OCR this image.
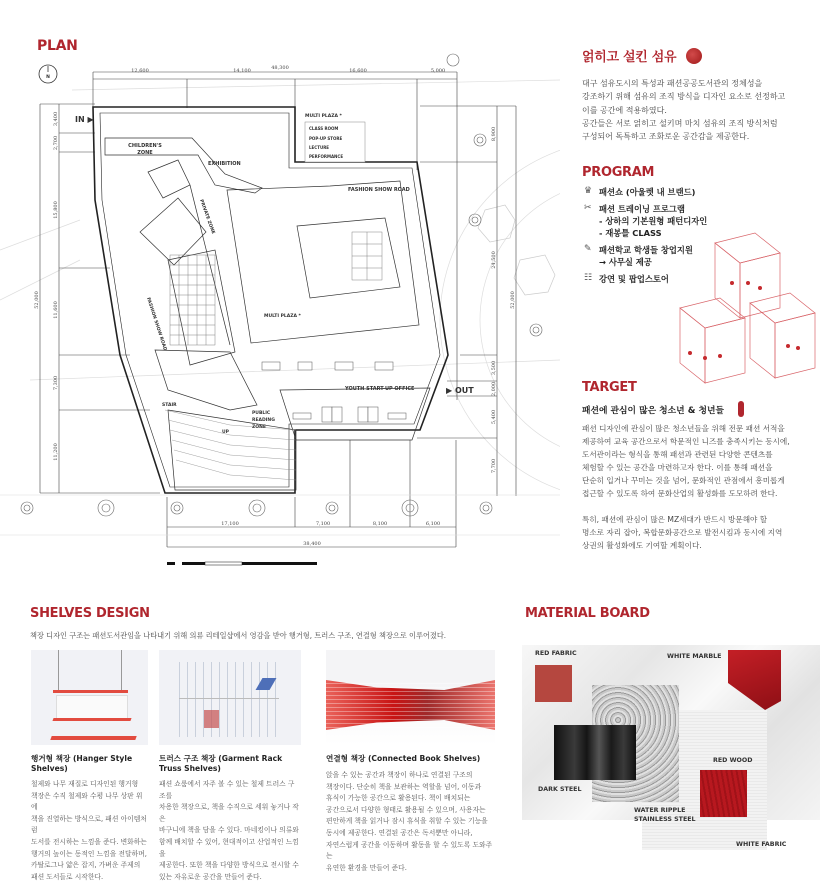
PLAN
N
48,300
12,600	14,100	16,600	5,000
52,000
3,400
2,700
15,800
11,600
7,300
11,200
8,900
24,500
52,000
3,500
2,000
5,400
7,700
17,100	7,100	8,100	6,100
38,400
MULTI PLAZA *
CLASS ROOM
POP-UP STORE
LECTURE
PERFORMANCE
IN ▶
▶ OUT
CHILDREN'S
ZONE
EXHIBITION
PRIVATE ZONE
FASHION SHOW ROAD
FASHION SHOW ROAD	MULTI PLAZA *
YOUTH START-UP OFFICE
STAIR
UP
PUBLIC
READING
ZONE
얽히고 설킨 섬유
대구 섬유도시의 특성과 패션공공도서관의 정체성을
강조하기 위해 섬유의 조직 방식을 디자인 요소로 선정하고
이를 공간에 적용하였다.
공간들은 서로 얽히고 설키며 마치 섬유의 조직 방식처럼
구성되어 독특하고 조화로운 공간감을 제공한다.
PROGRAM
♛ 패션쇼 (아울렛 내 브랜드)
✂ 패션 트레이닝 프로그램
- 상하의 기본원형 패턴디자인
- 재봉틀 CLASS
✎ 패션학교 학생들 창업지원
→ 사무실 제공
☷ 강연 및 팝업스토어
TARGET
패션에 관심이 많은 청소년 & 청년들
패션 디자인에 관심이 많은 청소년들을 위해 전문 패션 서적을
제공하여 교육 공간으로서 학문적인 니즈를 충족시키는 동시에,
도서관이라는 형식을 통해 패션과 관련된 다양한 콘텐츠를
체험할 수 있는 공간을 마련하고자 한다. 이를 통해 패션을
단순히 입거나 꾸미는 것을 넘어, 문화적인 관점에서 흥미롭게
접근할 수 있도록 하여 문화산업의 활성화를 도모하려 한다.
특히, 패션에 관심이 많은 MZ세대가 반드시 방문해야 할
명소로 자리 잡아, 복합문화공간으로 발전시킴과 동시에 지역
상권의 활성화에도 기여할 계획이다.
SHELVES DESIGN
책장 디자인 구조는 패션도서관임을 나타내기 위해 의류 리테일샵에서 영감을 받아 행거형, 트러스 구조, 연결형 책장으로 이루어졌다.
행거형 책장 (Hanger Style Shelves)
철제와 나무 재질로 디자인된 행거형
책장은 수직 철제와 수평 나무 상판 위에
책을 진열하는 방식으로, 패션 아이템처럼
도서를 전시하는 느낌을 준다. 변화하는
행거의 높이는 동적인 느낌을 전달하며,
카탈로그나 얇은 잡지, 가벼운 주제의
패션 도서들로 시작한다.
트러스 구조 책장 (Garment Rack Truss Shelves)
패션 쇼룸에서 자주 볼 수 있는 철제 트러스 구조를
차용한 책장으로, 책을 수직으로 세워 놓거나 작은
바구니에 책을 담을 수 있다. 마네킹이나 의류와
함께 배치할 수 있어, 현대적이고 산업적인 느낌을
제공한다. 또한 책을 다양한 방식으로 전시할 수
있는 자유로운 공간을 만들어 준다.
연결형 책장 (Connected Book Shelves)
앉을 수 있는 공간과 책장이 하나로 연결된 구조의
책장이다. 단순히 책을 보관하는 역할을 넘어, 이동과
휴식이 가능한 공간으로 활용된다. 책이 배치되는
공간으로서 다양한 형태로 활용될 수 있으며, 사용자는
편안하게 책을 읽거나 잠시 휴식을 취할 수 있는 기능을
동시에 제공한다. 연결된 공간은 독서뿐만 아니라,
자연스럽게 공간을 이동하며 활동을 할 수 있도록 도와주는
유연한 환경을 만들어 준다.
MATERIAL BOARD
RED FABRIC	WHITE MARBLE
DARK STEEL
WATER RIPPLE
STAINLESS STEEL
RED WOOD
WHITE FABRIC
